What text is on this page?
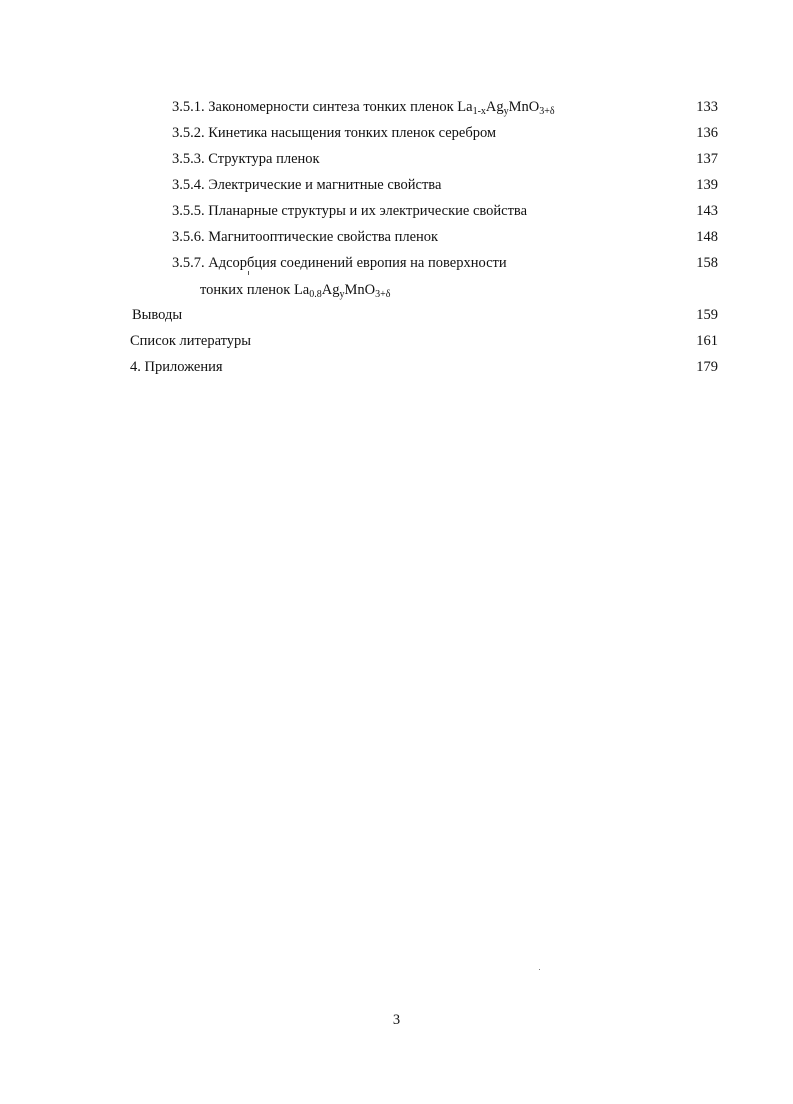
3.5.1. Закономерности синтеза тонких пленок $La_{1-x}Ag_yMnO_{3+\delta}$	133
3.5.2. Кинетика насыщения тонких пленок серебром	136
3.5.3. Структура пленок	137
3.5.4. Электрические и магнитные свойства	139
3.5.5. Планарные структуры и их электрические свойства	143
3.5.6. Магнитооптические свойства пленок	148
3.5.7. Адсорбция соединений европия на поверхности	158
тонких пленок $La_{0.8}Ag_yMnO_{3+\delta}$
Выводы	159
Список литературы	161
4. Приложения	179
3
